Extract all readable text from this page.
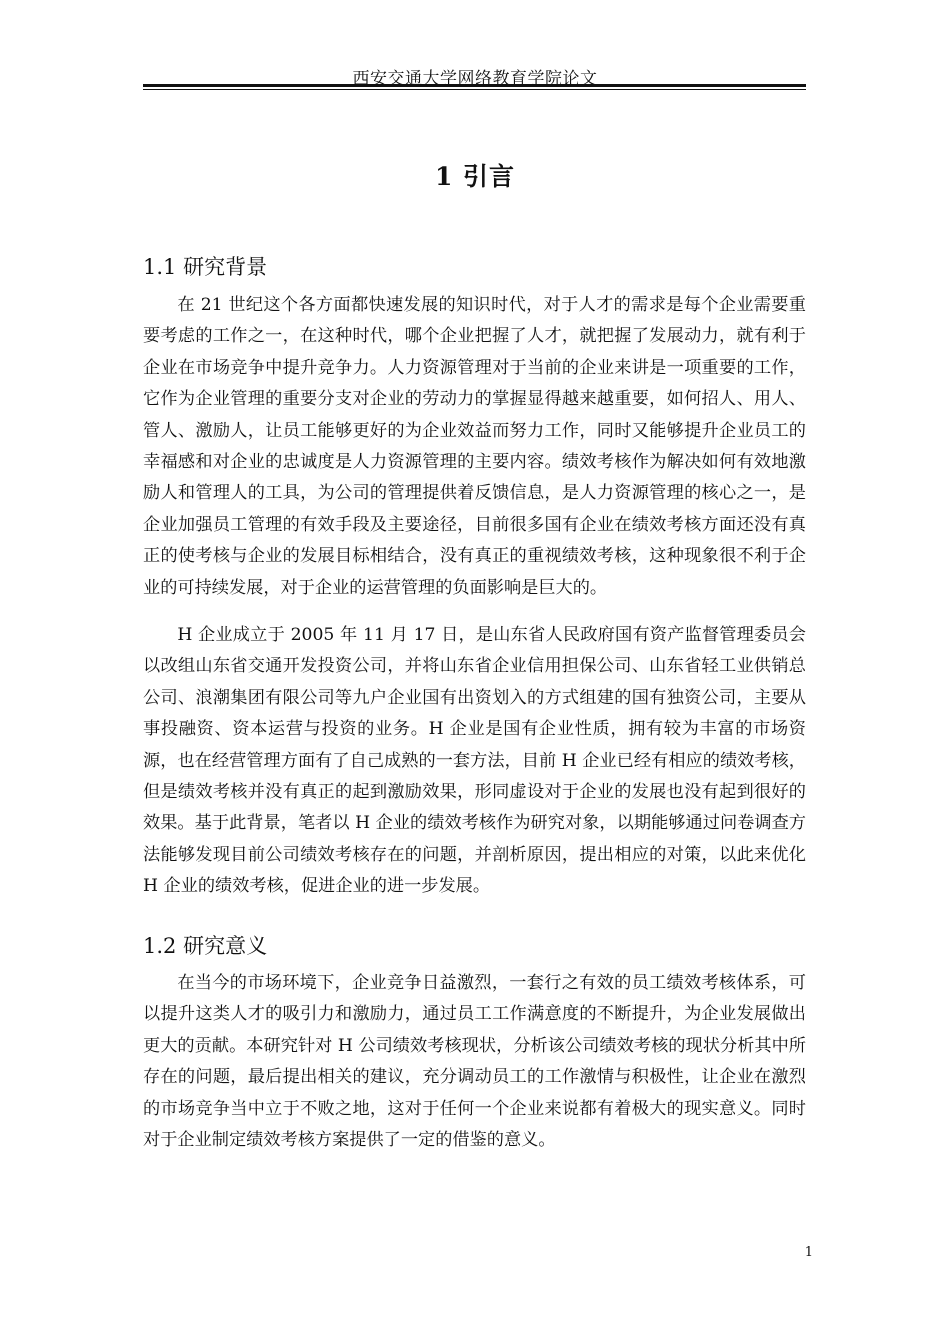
西安交通大学网络教育学院论文
1 引言
1.1 研究背景

在 21 世纪这个各方面都快速发展的知识时代，对于人才的需求是每个企业需要重要考虑的工作之一，在这种时代，哪个企业把握了人才，就把握了发展动力，就有利于企业在市场竞争中提升竞争力。人力资源管理对于当前的企业来讲是一项重要的工作，它作为企业管理的重要分支对企业的劳动力的掌握显得越来越重要，如何招人、用人、管人、激励人，让员工能够更好的为企业效益而努力工作，同时又能够提升企业员工的幸福感和对企业的忠诚度是人力资源管理的主要内容。绩效考核作为解决如何有效地激励人和管理人的工具，为公司的管理提供着反馈信息，是人力资源管理的核心之一，是企业加强员工管理的有效手段及主要途径，目前很多国有企业在绩效考核方面还没有真正的使考核与企业的发展目标相结合，没有真正的重视绩效考核，这种现象很不利于企业的可持续发展，对于企业的运营管理的负面影响是巨大的。

H 企业成立于 2005 年 11 月 17 日，是山东省人民政府国有资产监督管理委员会以改组山东省交通开发投资公司，并将山东省企业信用担保公司、山东省轻工业供销总公司、浪潮集团有限公司等九户企业国有出资划入的方式组建的国有独资公司，主要从事投融资、资本运营与投资的业务。H 企业是国有企业性质，拥有较为丰富的市场资源，也在经营管理方面有了自己成熟的一套方法，目前 H 企业已经有相应的绩效考核，但是绩效考核并没有真正的起到激励效果，形同虚设对于企业的发展也没有起到很好的效果。基于此背景，笔者以 H 企业的绩效考核作为研究对象，以期能够通过问卷调查方法能够发现目前公司绩效考核存在的问题，并剖析原因，提出相应的对策，以此来优化 H 企业的绩效考核，促进企业的进一步发展。

1.2 研究意义

在当今的市场环境下，企业竞争日益激烈，一套行之有效的员工绩效考核体系，可以提升这类人才的吸引力和激励力，通过员工工作满意度的不断提升，为企业发展做出更大的贡献。本研究针对 H 公司绩效考核现状，分析该公司绩效考核的现状分析其中所存在的问题，最后提出相关的建议，充分调动员工的工作激情与积极性，让企业在激烈的市场竞争当中立于不败之地，这对于任何一个企业来说都有着极大的现实意义。同时对于企业制定绩效考核方案提供了一定的借鉴的意义。

1
